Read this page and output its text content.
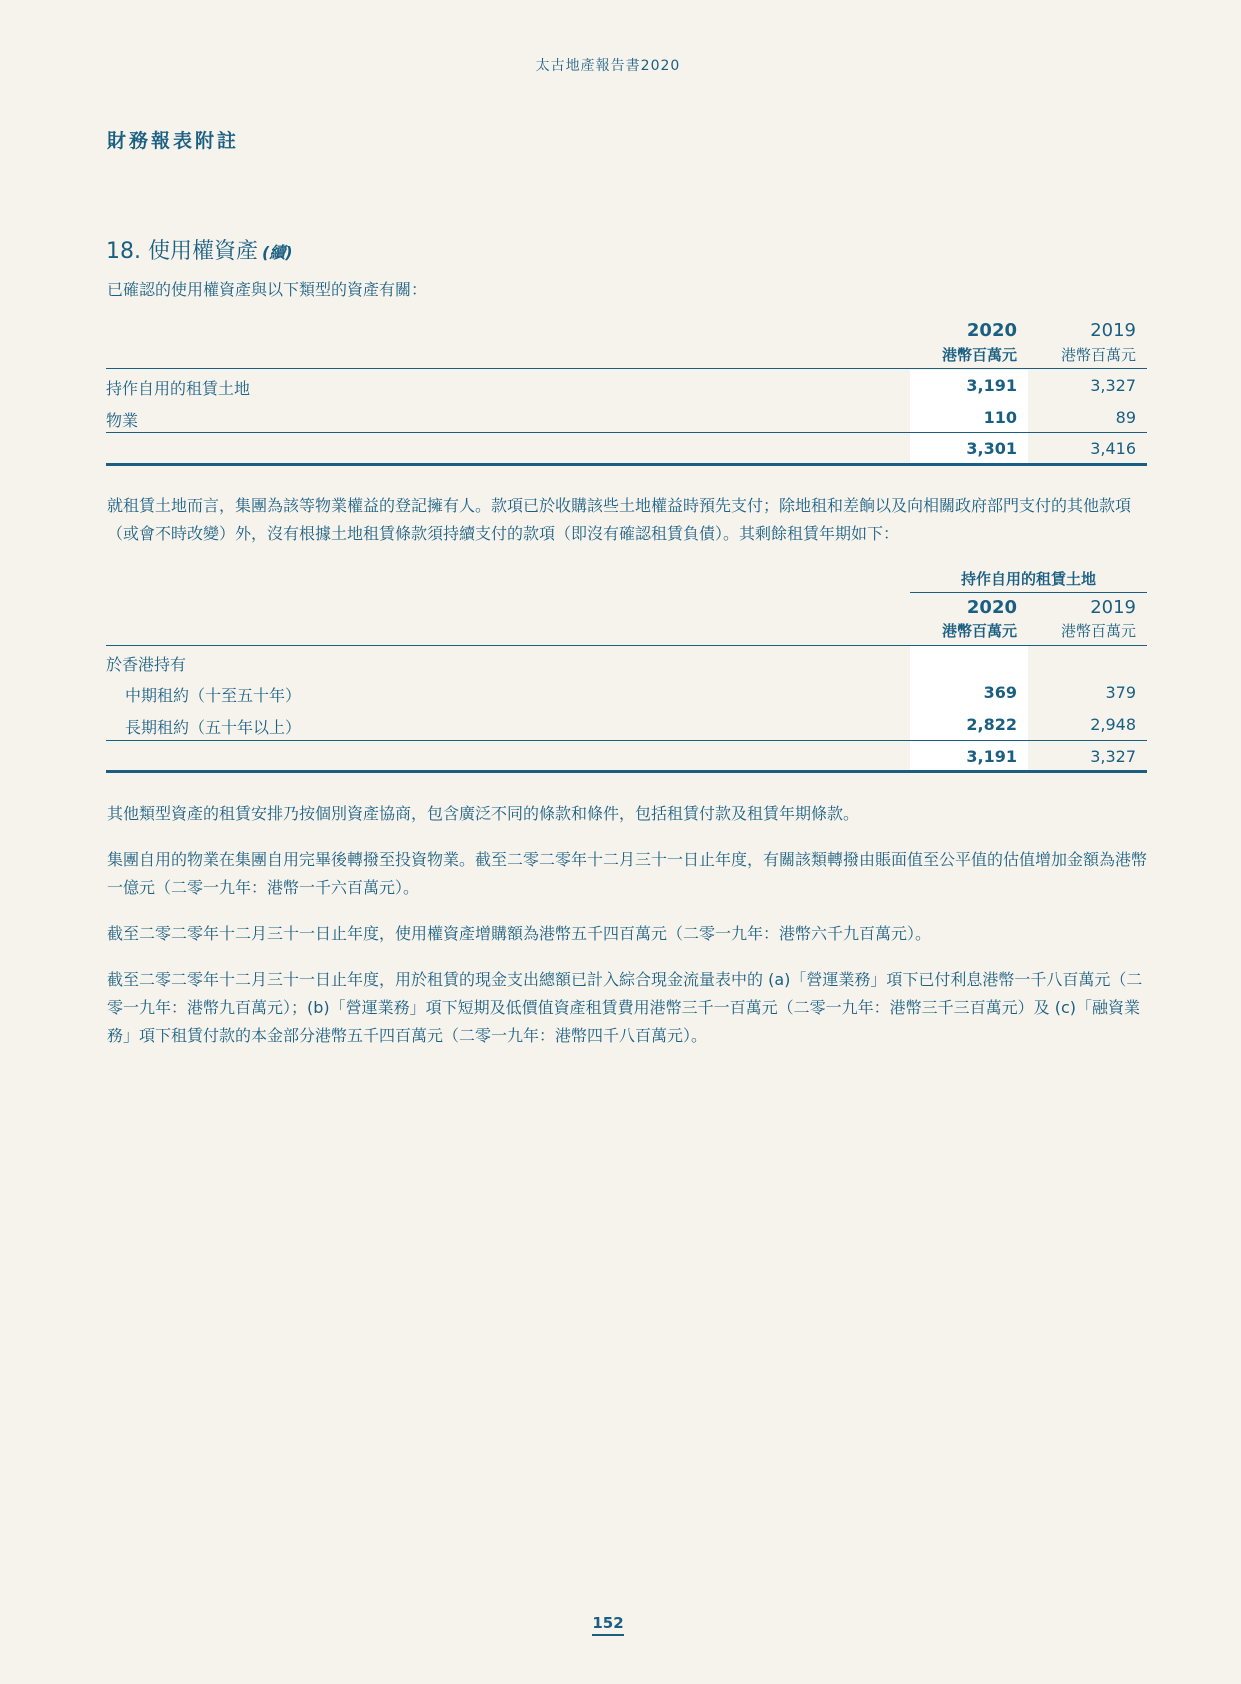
太古地產報告書2020
財務報表附註
18. 使用權資產 (續)
已確認的使用權資產與以下類型的資產有關：
2020	2019
港幣百萬元	港幣百萬元
持作自用的租賃土地	3,191	3,327
物業	110	89
3,301	3,416
就租賃土地而言，集團為該等物業權益的登記擁有人。款項已於收購該些土地權益時預先支付；除地租和差餉以及向相關政府部門支付的其他款項（或會不時改變）外，沒有根據土地租賃條款須持續支付的款項（即沒有確認租賃負債）。其剩餘租賃年期如下：
持作自用的租賃土地
2020	2019
港幣百萬元	港幣百萬元
於香港持有
中期租約（十至五十年）	369	379
長期租約（五十年以上）	2,822	2,948
3,191	3,327
其他類型資產的租賃安排乃按個別資產協商，包含廣泛不同的條款和條件，包括租賃付款及租賃年期條款。
集團自用的物業在集團自用完畢後轉撥至投資物業。截至二零二零年十二月三十一日止年度，有關該類轉撥由賬面值至公平值的估值增加金額為港幣一億元（二零一九年：港幣一千六百萬元）。
截至二零二零年十二月三十一日止年度，使用權資產增購額為港幣五千四百萬元（二零一九年：港幣六千九百萬元）。
截至二零二零年十二月三十一日止年度，用於租賃的現金支出總額已計入綜合現金流量表中的 (a)「營運業務」項下已付利息港幣一千八百萬元（二零一九年：港幣九百萬元）；(b)「營運業務」項下短期及低價值資產租賃費用港幣三千一百萬元（二零一九年：港幣三千三百萬元）及 (c)「融資業務」項下租賃付款的本金部分港幣五千四百萬元（二零一九年：港幣四千八百萬元）。
152
